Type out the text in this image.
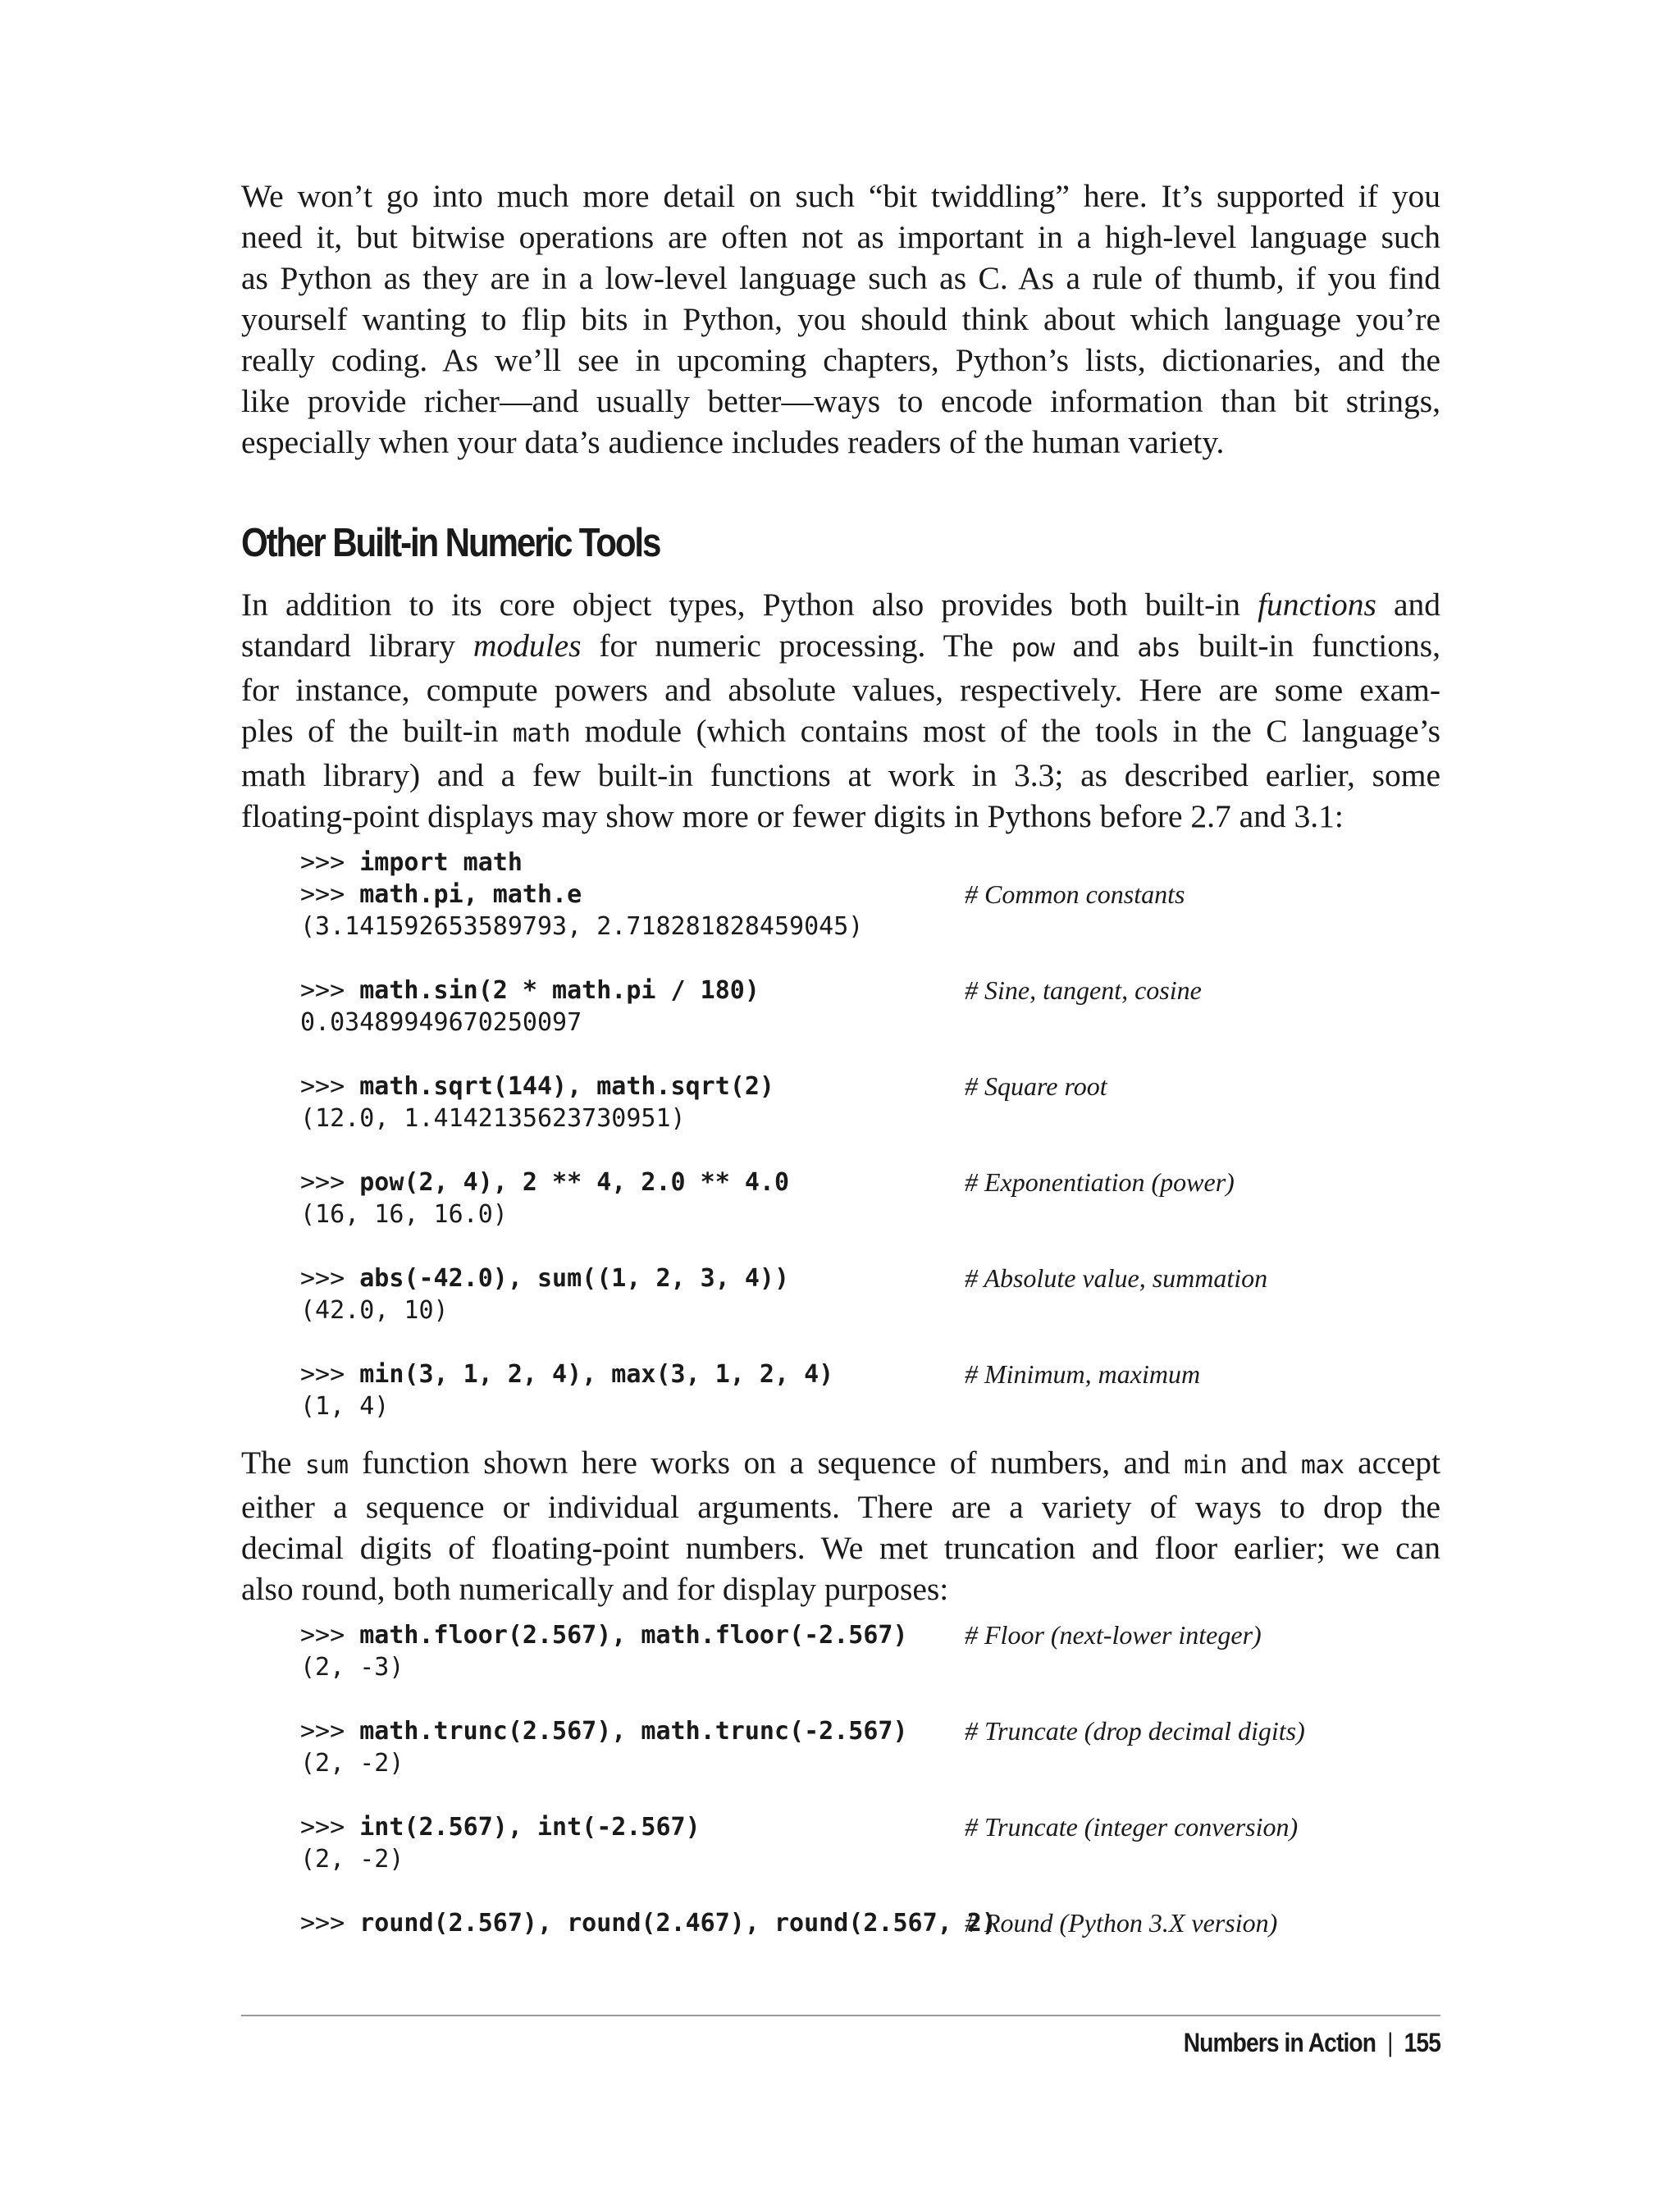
We won’t go into much more detail on such “bit twiddling” here. It’s supported if you
need it, but bitwise operations are often not as important in a high-level language such
as Python as they are in a low-level language such as C. As a rule of thumb, if you find
yourself wanting to flip bits in Python, you should think about which language you’re
really coding. As we’ll see in upcoming chapters, Python’s lists, dictionaries, and the
like provide richer—and usually better—ways to encode information than bit strings,
especially when your data’s audience includes readers of the human variety.

Other Built-in Numeric Tools

In addition to its core object types, Python also provides both built-in functions and
standard library modules for numeric processing. The pow and abs built-in functions,
for instance, compute powers and absolute values, respectively. Here are some exam-
ples of the built-in math module (which contains most of the tools in the C language’s
math library) and a few built-in functions at work in 3.3; as described earlier, some
floating-point displays may show more or fewer digits in Pythons before 2.7 and 3.1:

>>> import math
>>> math.pi, math.e	# Common constants
(3.141592653589793, 2.718281828459045)
>>> math.sin(2 * math.pi / 180)	# Sine, tangent, cosine
0.03489949670250097
>>> math.sqrt(144), math.sqrt(2)	# Square root
(12.0, 1.4142135623730951)
>>> pow(2, 4), 2 ** 4, 2.0 ** 4.0	# Exponentiation (power)
(16, 16, 16.0)
>>> abs(-42.0), sum((1, 2, 3, 4))	# Absolute value, summation
(42.0, 10)
>>> min(3, 1, 2, 4), max(3, 1, 2, 4)	# Minimum, maximum
(1, 4)

The sum function shown here works on a sequence of numbers, and min and max accept
either a sequence or individual arguments. There are a variety of ways to drop the
decimal digits of floating-point numbers. We met truncation and floor earlier; we can
also round, both numerically and for display purposes:

>>> math.floor(2.567), math.floor(-2.567) # Floor (next-lower integer)
(2, -3)
>>> math.trunc(2.567), math.trunc(-2.567) # Truncate (drop decimal digits)
(2, -2)
>>> int(2.567), int(-2.567)	# Truncate (integer conversion)
(2, -2)
>>> round(2.567), round(2.467), round(2.567, 2)
# Round (Python 3.X version)
Numbers in Action | 155
